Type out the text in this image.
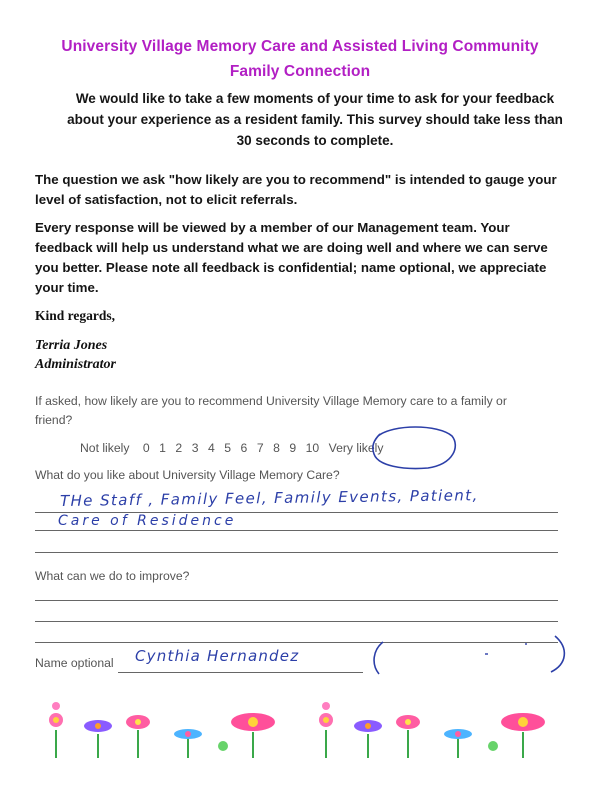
University Village Memory Care and Assisted Living Community
Family Connection
We would like to take a few moments of your time to ask for your feedback
about your experience as a resident family. This survey should take less than
30 seconds to complete.
The question we ask "how likely are you to recommend" is intended to gauge your
level of satisfaction, not to elicit referrals.
Every response will be viewed by a member of our Management team. Your
feedback will help us understand what we are doing well and where we can serve
you better. Please note all feedback is confidential; name optional, we appreciate
your time.
Kind regards,
Terria Jones
Administrator
If asked, how likely are you to recommend University Village Memory care to a family or
friend?
Not likely 0 1 2 3 4 5 6 7 8 9 10 Very likely
What do you like about University Village Memory Care?
THe Staff , Family Feel, Family Events, Patient,
Care of Residence
What can we do to improve?
Name optional Cynthia Hernandez
